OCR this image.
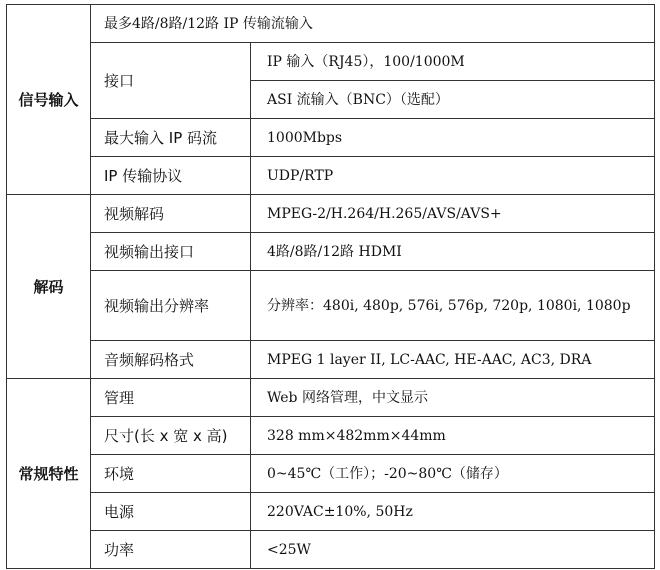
信号输入	最多4路/8路/12路 IP 传输流输入	
	接口	IP 输入（RJ45），100/1000M
		ASI 流输入（BNC）（选配）
	最大输入 IP 码流	1000Mbps
	IP 传输协议	UDP/RTP
解码	视频解码	MPEG-2/H.264/H.265/AVS/AVS+
	视频输出接口	4路/8路/12路 HDMI
	视频输出分辨率	分辨率：480i, 480p, 576i, 576p, 720p, 1080i, 1080p
	音频解码格式	MPEG 1 layer II, LC-AAC, HE-AAC, AC3, DRA
常规特性	管理	Web 网络管理，中文显示
	尺寸(长 x 宽 x 高)	328 mm×482mm×44mm
	环境	0~45℃（工作）；-20~80℃（储存）
	电源	220VAC±10%, 50Hz
	功率	<25W
